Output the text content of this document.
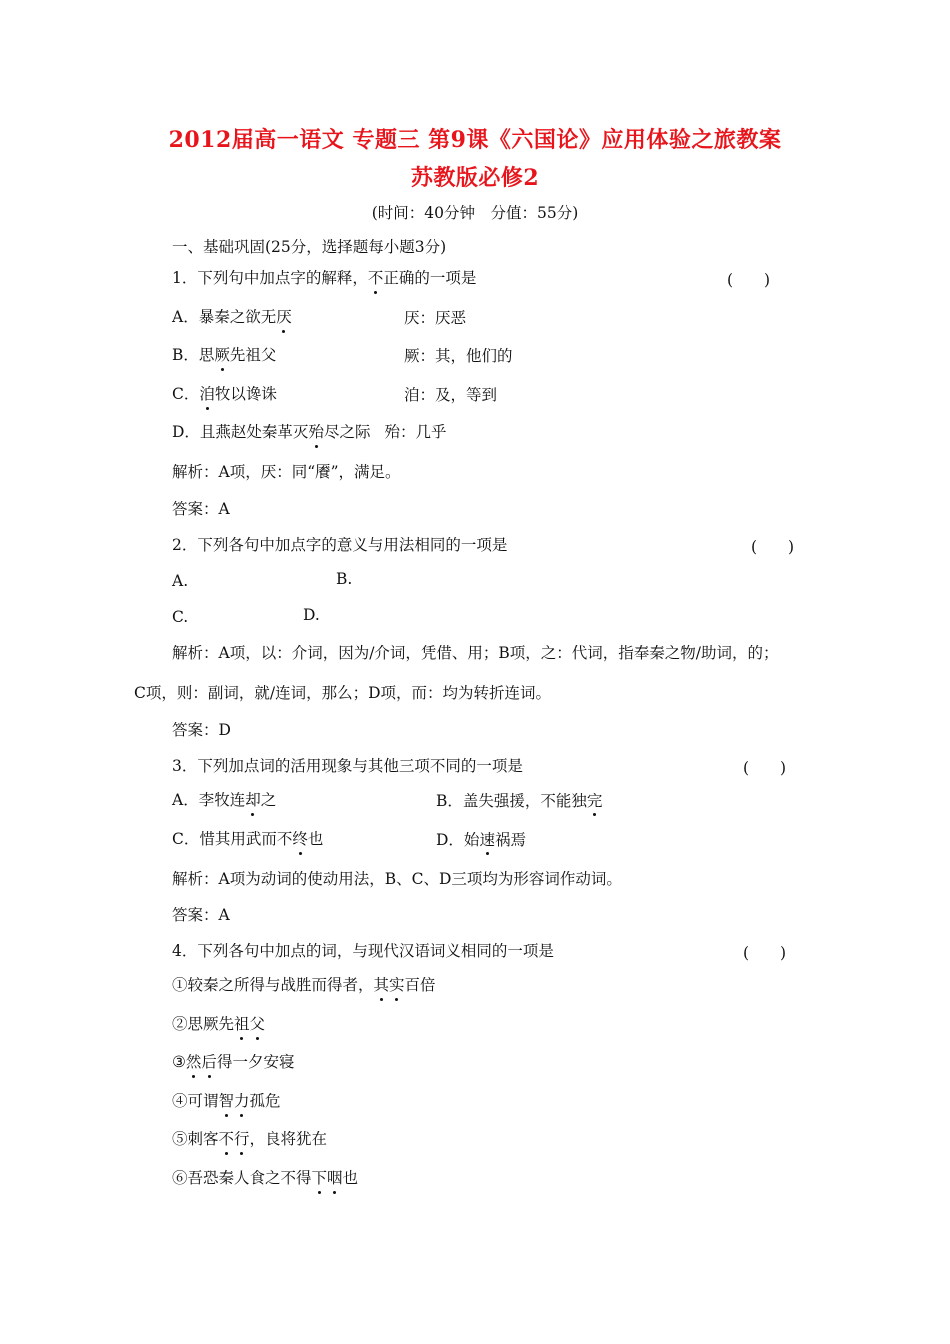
2012届高一语文 专题三 第9课《六国论》应用体验之旅教案
苏教版必修2
(时间：40分钟　分值：55分)
一、基础巩固(25分，选择题每小题3分)
1．下列句中加点字的解释，不正确的一项是	(　　)
A．暴秦之欲无厌	厌：厌恶
B．思厥先祖父	厥：其，他们的
C．洎牧以谗诛	洎：及，等到
D．且燕赵处秦革灭殆尽之际 殆：几乎
解析：A项，厌：同“餍”，满足。
答案：A
2．下列各句中加点字的意义与用法相同的一项是	(　　)
A.	B.
C.	D.
解析：A项，以：介词，因为/介词，凭借、用；B项，之：代词，指奉秦之物/助词，的；
C项，则：副词，就/连词，那么；D项，而：均为转折连词。
答案：D
3．下列加点词的活用现象与其他三项不同的一项是	(　　)
A．李牧连却之	B．盖失强援，不能独完
C．惜其用武而不终也	D．始速祸焉
解析：A项为动词的使动用法，B、C、D三项均为形容词作动词。
答案：A
4．下列各句中加点的词，与现代汉语词义相同的一项是	(　　)
①较秦之所得与战胜而得者，其实百倍
②思厥先祖父
③然后得一夕安寝
④可谓智力孤危
⑤刺客不行，良将犹在
⑥吾恐秦人食之不得下咽也
